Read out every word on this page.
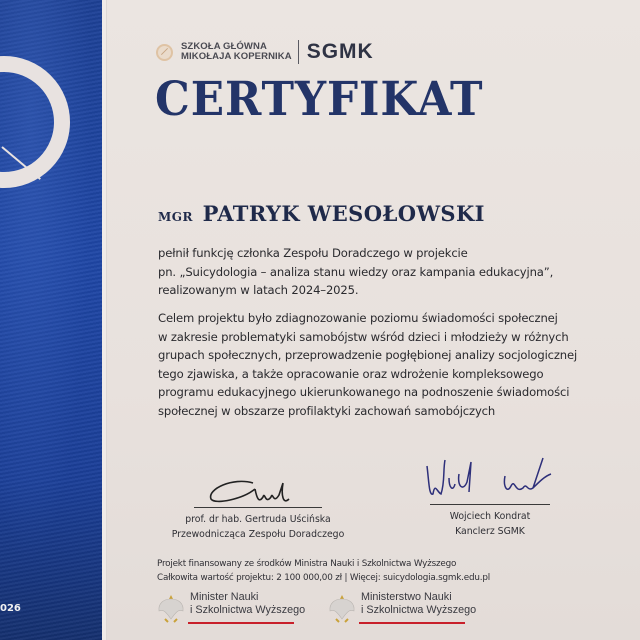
026
SZKOŁA GŁÓWNA
MIKOŁAJA KOPERNIKA SGMK
CERTYFIKAT
MGR PATRYK WESOŁOWSKI
pełnił funkcję członka Zespołu Doradczego w projekcie
pn. „Suicydologia – analiza stanu wiedzy oraz kampania edukacyjna”,
realizowanym w latach 2024–2025.
Celem projektu było zdiagnozowanie poziomu świadomości społecznej
w zakresie problematyki samobójstw wśród dzieci i młodzieży w różnych
grupach społecznych, przeprowadzenie pogłębionej analizy socjologicznej
tego zjawiska, a także opracowanie oraz wdrożenie kompleksowego
programu edukacyjnego ukierunkowanego na podnoszenie świadomości
społecznej w obszarze profilaktyki zachowań samobójczych
prof. dr hab. Gertruda Uścińska
Przewodnicząca Zespołu Doradczego
Wojciech Kondrat
Kanclerz SGMK
Projekt finansowany ze środków Ministra Nauki i Szkolnictwa Wyższego
Całkowita wartość projektu: 2 100 000,00 zł | Więcej: suicydologia.sgmk.edu.pl
Minister Nauki
i Szkolnictwa Wyższego
Ministerstwo Nauki
i Szkolnictwa Wyższego
